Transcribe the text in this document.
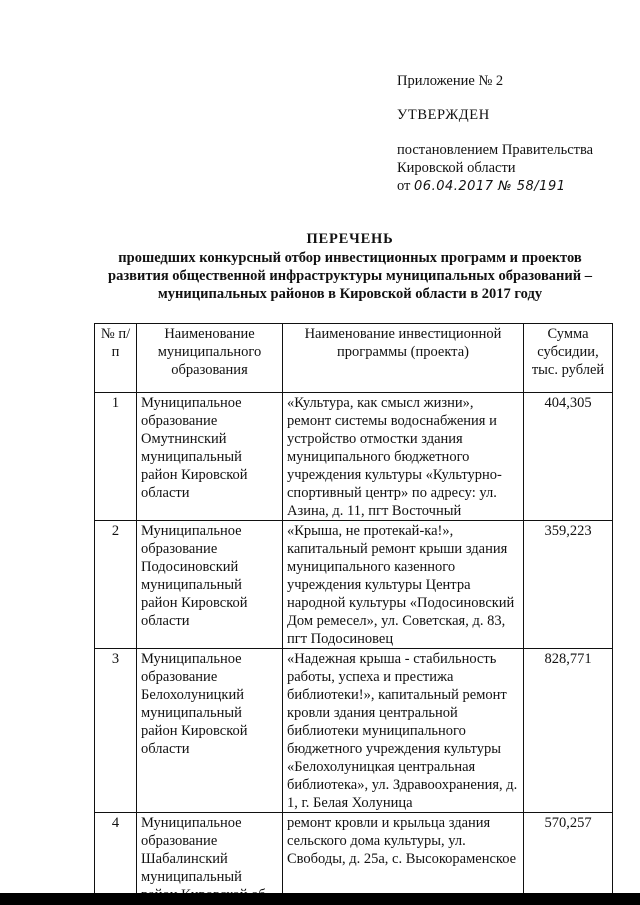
Приложение № 2

УТВЕРЖДЕН

постановлением Правительства

Кировской области

от 06.04.2017 № 58/191

ПЕРЕЧЕНЬ
прошедших конкурсный отбор инвестиционных программ и проектов
развития общественной инфраструктуры муниципальных образований –
муниципальных районов в Кировской области в 2017 году
№ п/п	Наименование муниципального образования	Наименование инвестиционной программы (проекта)	Сумма субсидии, тыс. рублей
1	Муниципальное образование Омутнинский муниципальный район Кировской области	«Культура, как смысл жизни», ремонт системы водоснабжения и устройство отмостки здания муниципального бюджетного учреждения культуры «Культурно-спортивный центр» по адресу: ул. Азина, д. 11, пгт Восточный	404,305
2	Муниципальное образование Подосиновский муниципальный район Кировской области	«Крыша, не протекай-ка!», капитальный ремонт крыши здания муниципального казенного учреждения культуры Центра народной культуры «Подосиновский Дом ремесел», ул. Советская, д. 83, пгт Подосиновец	359,223
3	Муниципальное образование Белохолуницкий муниципальный район Кировской области	«Надежная крыша - стабильность работы, успеха и престижа библиотеки!», капитальный ремонт кровли здания центральной библиотеки муниципального бюджетного учреждения культуры «Белохолуницкая центральная библиотека», ул. Здравоохранения, д. 1, г. Белая Холуница	828,771
4	Муниципальное образование Шабалинский муниципальный	ремонт кровли и крыльца здания сельского дома культуры, ул. Свободы, д. 25а, с. Высокораменское	570,257
